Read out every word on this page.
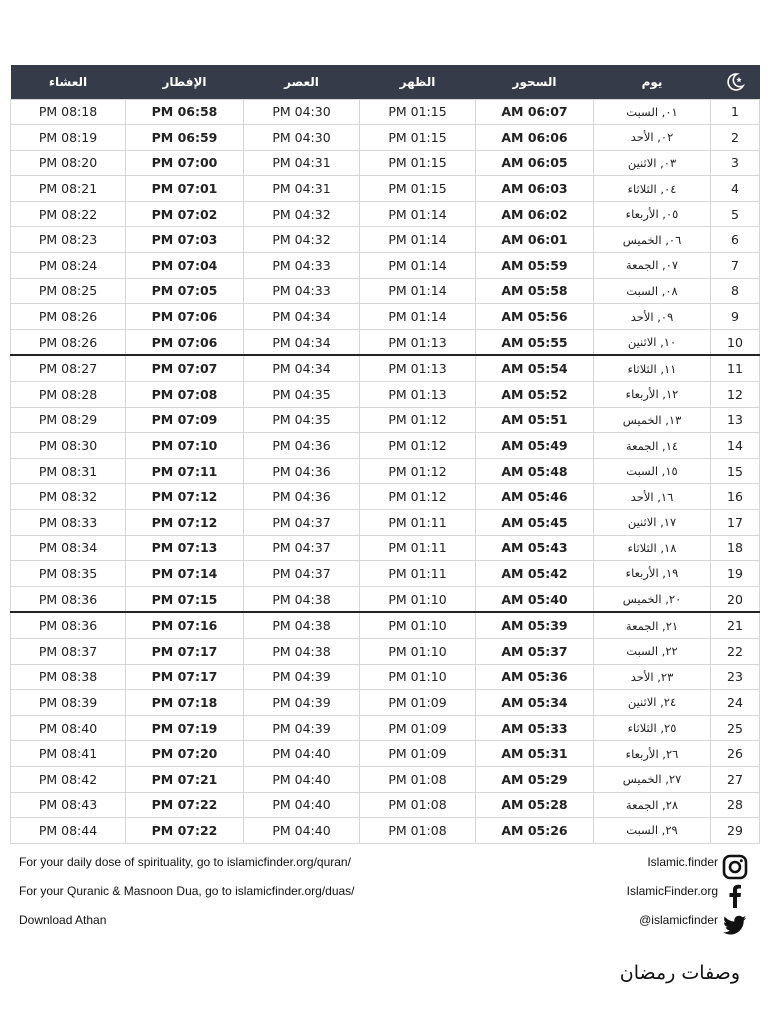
العشاء	الإفطار	العصر	الظهر	السحور	يوم	
PM 08:18	PM 06:58	PM 04:30	PM 01:15	AM 06:07	٠١, السبت	1
PM 08:19	PM 06:59	PM 04:30	PM 01:15	AM 06:06	٠٢, الأحد	2
PM 08:20	PM 07:00	PM 04:31	PM 01:15	AM 06:05	٠٣, الاثنين	3
PM 08:21	PM 07:01	PM 04:31	PM 01:15	AM 06:03	٠٤, الثلاثاء	4
PM 08:22	PM 07:02	PM 04:32	PM 01:14	AM 06:02	٠٥, الأربعاء	5
PM 08:23	PM 07:03	PM 04:32	PM 01:14	AM 06:01	٠٦, الخميس	6
PM 08:24	PM 07:04	PM 04:33	PM 01:14	AM 05:59	٠٧, الجمعة	7
PM 08:25	PM 07:05	PM 04:33	PM 01:14	AM 05:58	٠٨, السبت	8
PM 08:26	PM 07:06	PM 04:34	PM 01:14	AM 05:56	٠٩, الأحد	9
PM 08:26	PM 07:06	PM 04:34	PM 01:13	AM 05:55	١٠, الاثنين	10
PM 08:27	PM 07:07	PM 04:34	PM 01:13	AM 05:54	١١, الثلاثاء	11
PM 08:28	PM 07:08	PM 04:35	PM 01:13	AM 05:52	١٢, الأربعاء	12
PM 08:29	PM 07:09	PM 04:35	PM 01:12	AM 05:51	١٣, الخميس	13
PM 08:30	PM 07:10	PM 04:36	PM 01:12	AM 05:49	١٤, الجمعة	14
PM 08:31	PM 07:11	PM 04:36	PM 01:12	AM 05:48	١٥, السبت	15
PM 08:32	PM 07:12	PM 04:36	PM 01:12	AM 05:46	١٦, الأحد	16
PM 08:33	PM 07:12	PM 04:37	PM 01:11	AM 05:45	١٧, الاثنين	17
PM 08:34	PM 07:13	PM 04:37	PM 01:11	AM 05:43	١٨, الثلاثاء	18
PM 08:35	PM 07:14	PM 04:37	PM 01:11	AM 05:42	١٩, الأربعاء	19
PM 08:36	PM 07:15	PM 04:38	PM 01:10	AM 05:40	٢٠, الخميس	20
PM 08:36	PM 07:16	PM 04:38	PM 01:10	AM 05:39	٢١, الجمعة	21
PM 08:37	PM 07:17	PM 04:38	PM 01:10	AM 05:37	٢٢, السبت	22
PM 08:38	PM 07:17	PM 04:39	PM 01:10	AM 05:36	٢٣, الأحد	23
PM 08:39	PM 07:18	PM 04:39	PM 01:09	AM 05:34	٢٤, الاثنين	24
PM 08:40	PM 07:19	PM 04:39	PM 01:09	AM 05:33	٢٥, الثلاثاء	25
PM 08:41	PM 07:20	PM 04:40	PM 01:09	AM 05:31	٢٦, الأربعاء	26
PM 08:42	PM 07:21	PM 04:40	PM 01:08	AM 05:29	٢٧, الخميس	27
PM 08:43	PM 07:22	PM 04:40	PM 01:08	AM 05:28	٢٨, الجمعة	28
PM 08:44	PM 07:22	PM 04:40	PM 01:08	AM 05:26	٢٩, السبت	29
For your daily dose of spirituality, go to islamicfinder.org/quran/
For your Quranic & Masnoon Dua, go to islamicfinder.org/duas/
Download Athan
Islamic.finder
IslamicFinder.org
@islamicfinder
وصفات رمضان
